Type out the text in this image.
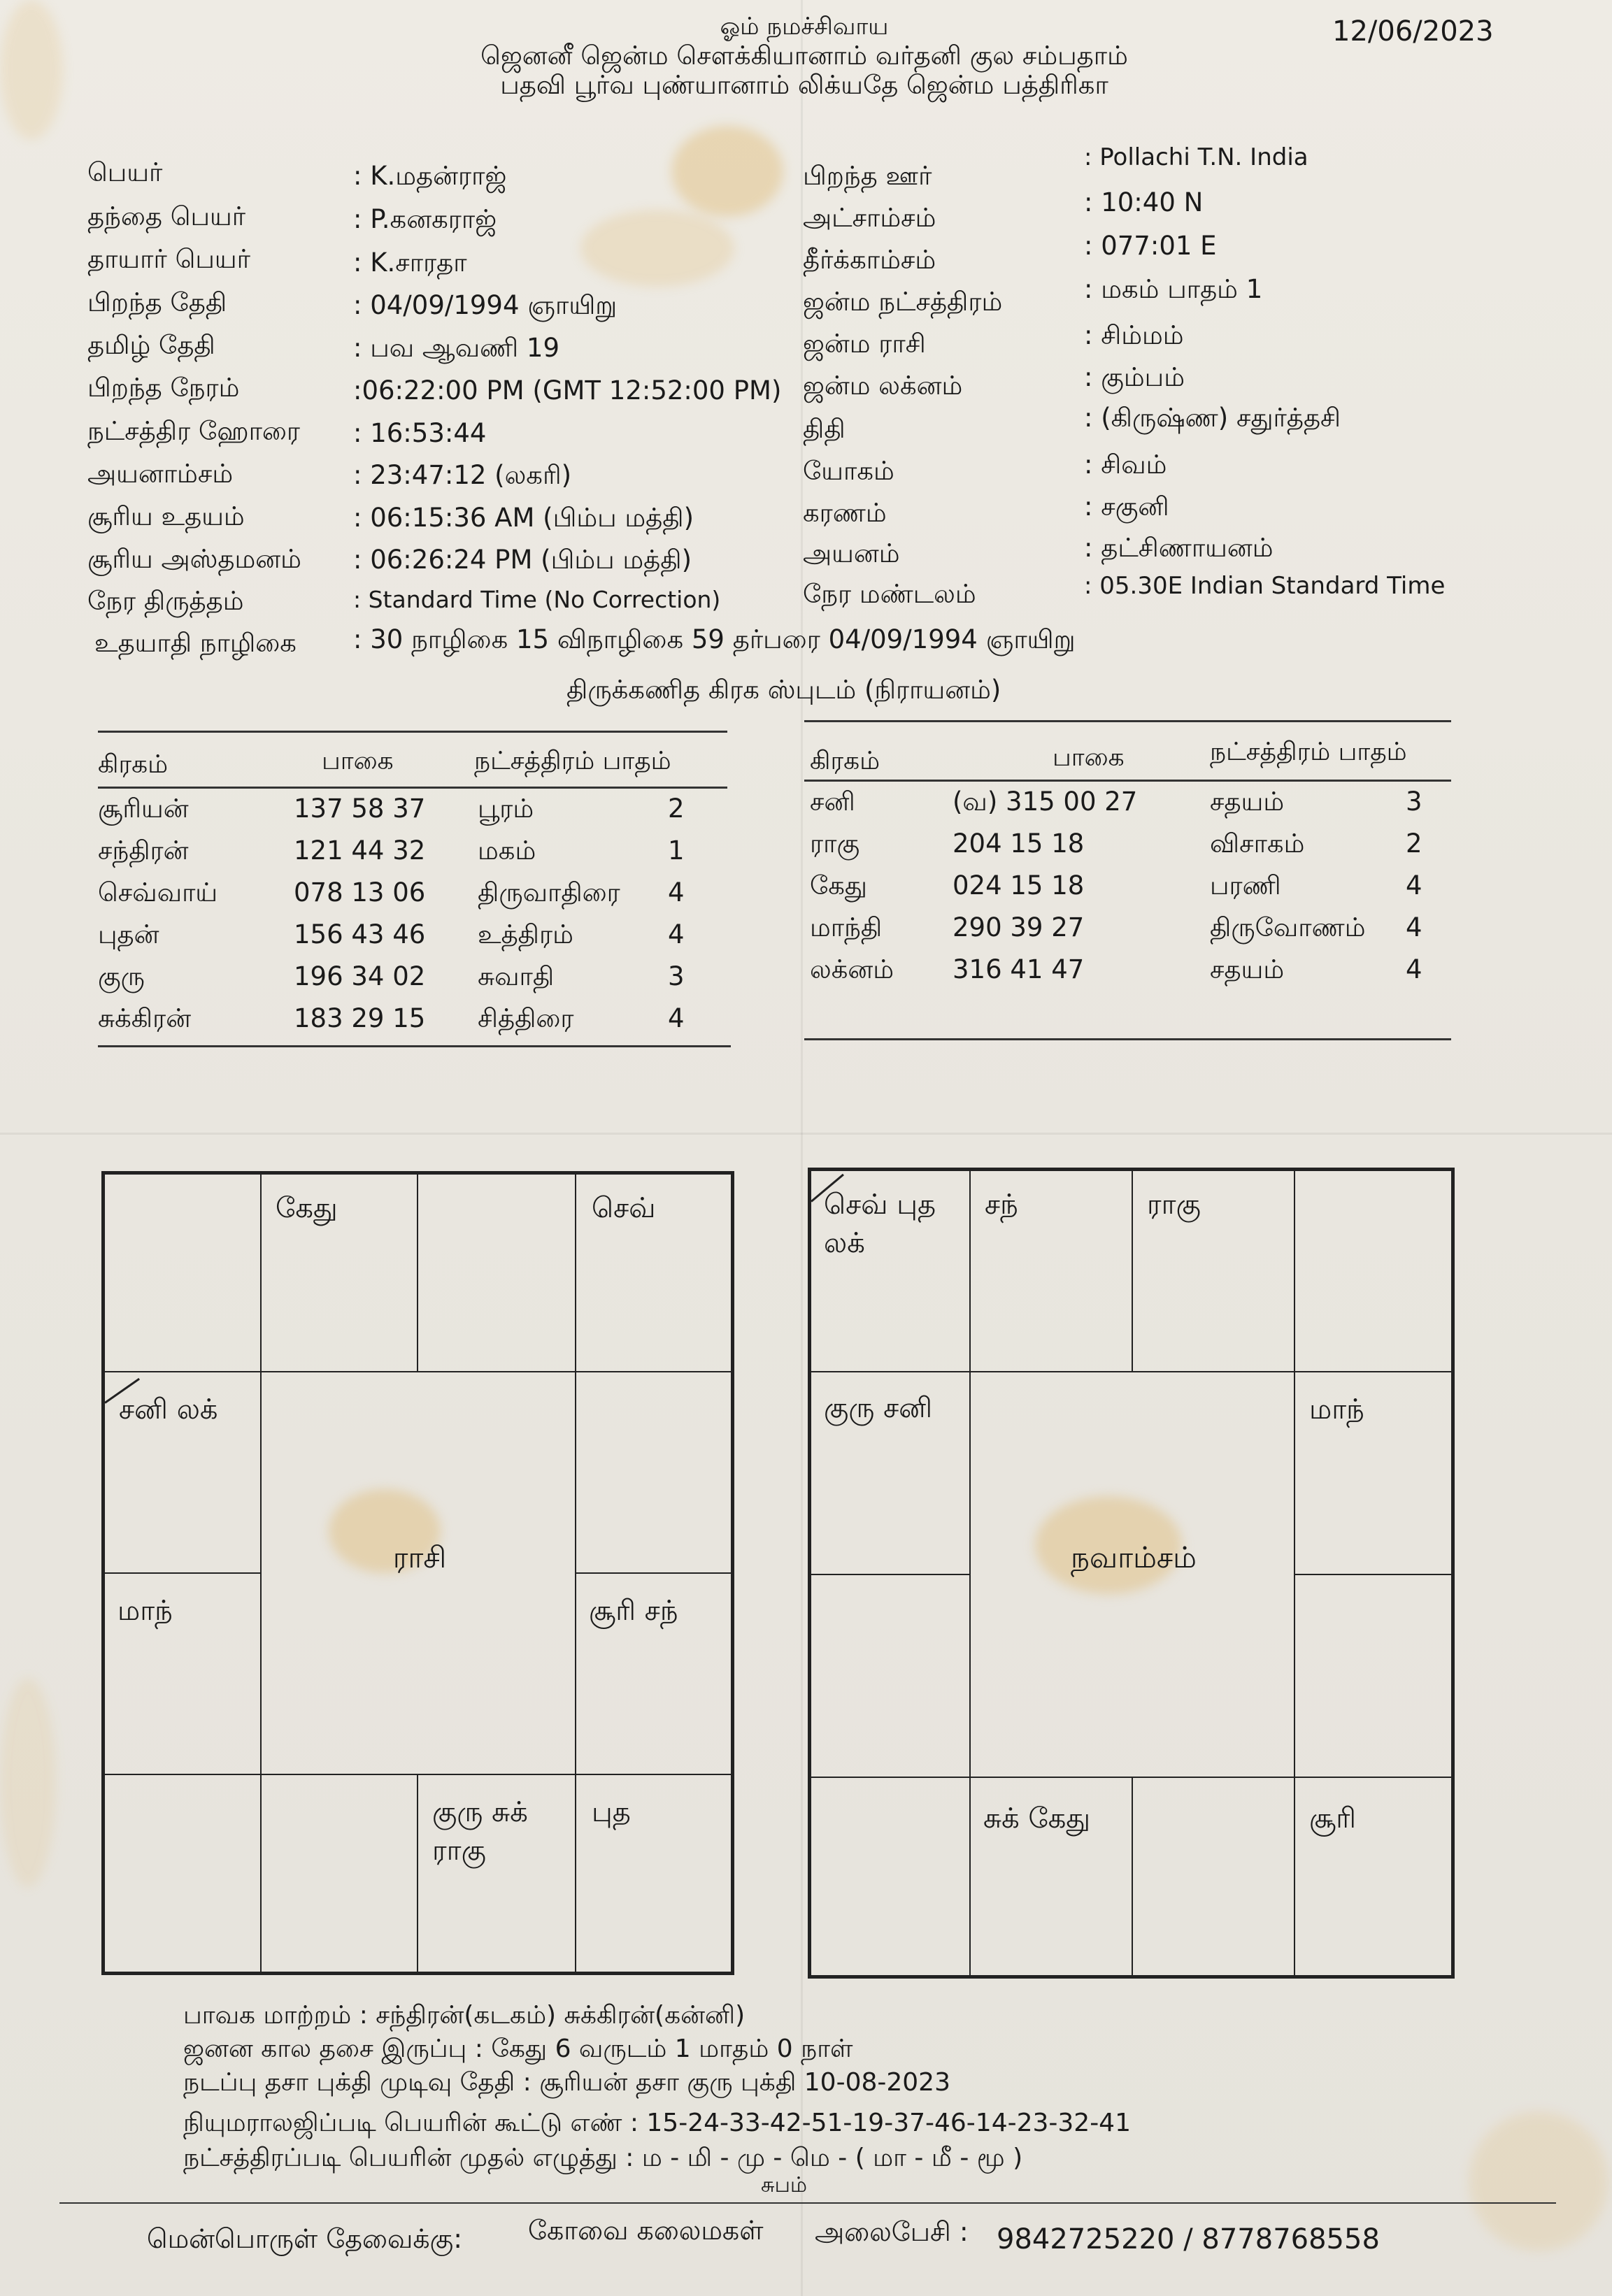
ஓம் நமச்சிவாய
ஜெனனீ ஜென்ம சௌக்கியானாம் வர்தனி குல சம்பதாம்
பதவி பூர்வ புண்யானாம் லிக்யதே ஜென்ம பத்திரிகா
12/06/2023
பெயர்	: K.மதன்ராஜ்
தந்தை பெயர்	: P.கனகராஜ்
தாயார் பெயர்	: K.சாரதா
பிறந்த தேதி	: 04/09/1994 ஞாயிறு
தமிழ் தேதி	: பவ ஆவணி 19
பிறந்த நேரம்	:06:22:00 PM (GMT 12:52:00 PM)
நட்சத்திர ஹோரை : 16:53:44
அயனாம்சம்	: 23:47:12 (லகரி)
சூரிய உதயம்	: 06:15:36 AM (பிம்ப மத்தி)
சூரிய அஸ்தமனம் : 06:26:24 PM (பிம்ப மத்தி)
நேர திருத்தம்	: Standard Time (No Correction)
பிறந்த ஊர்
: Pollachi T.N. India
அட்சாம்சம்
: 10:40 N
தீர்க்காம்சம்	: 077:01 E
ஜன்ம நட்சத்திரம்	: மகம் பாதம் 1
ஜன்ம ராசி	: சிம்மம்
ஜன்ம லக்னம்	: கும்பம்
திதி	: (கிருஷ்ண) சதுர்த்தசி
யோகம்	: சிவம்
கரணம்	: சகுனி
அயனம்	: தட்சிணாயனம்
நேர மண்டலம்	: 05.30E Indian Standard Time
உதயாதி நாழிகை : 30 நாழிகை 15 விநாழிகை 59 தர்பரை 04/09/1994 ஞாயிறு
திருக்கணித கிரக ஸ்புடம் (நிராயனம்)
கிரகம்	பாகை	நட்சத்திரம் பாதம்
சூரியன்	137 58 37 பூரம்	2
சந்திரன்	121 44 32 மகம்	1
செவ்வாய்	078 13 06 திருவாதிரை 4
புதன்	156 43 46 உத்திரம்	4
குரு	196 34 02 சுவாதி	3
சுக்கிரன்	183 29 15 சித்திரை	4
கிரகம்	பாகை	நட்சத்திரம் பாதம்
சனி	(வ) 315 00 27	சதயம்	3
ராகு	204 15 18	விசாகம்	2
கேது	024 15 18	பரணி	4
மாந்தி	290 39 27	திருவோணம் 4
லக்னம் 316 41 47	சதயம்	4
கேது	செவ்
சனி லக்
மாந்	சூரி சந்
ராசி
குரு சுக்
ராகு
புத
செவ் புத
லக்
சந்	ராகு
குரு சனி	மாந்
நவாம்சம்
சுக் கேது	சூரி
பாவக மாற்றம் : சந்திரன்(கடகம்) சுக்கிரன்(கன்னி)
ஜனன கால தசை இருப்பு : கேது 6 வருடம் 1 மாதம் 0 நாள்
நடப்பு தசா புக்தி முடிவு தேதி : சூரியன் தசா குரு புக்தி 10-08-2023
நியுமராலஜிப்படி பெயரின் கூட்டு எண் : 15-24-33-42-51-19-37-46-14-23-32-41
நட்சத்திரப்படி பெயரின் முதல் எழுத்து : ம - மி - மு - மெ - ( மா - மீ - மூ )
சுபம்
மென்பொருள் தேவைக்கு: கோவை கலைமகள் அலைபேசி : 9842725220 / 8778768558
